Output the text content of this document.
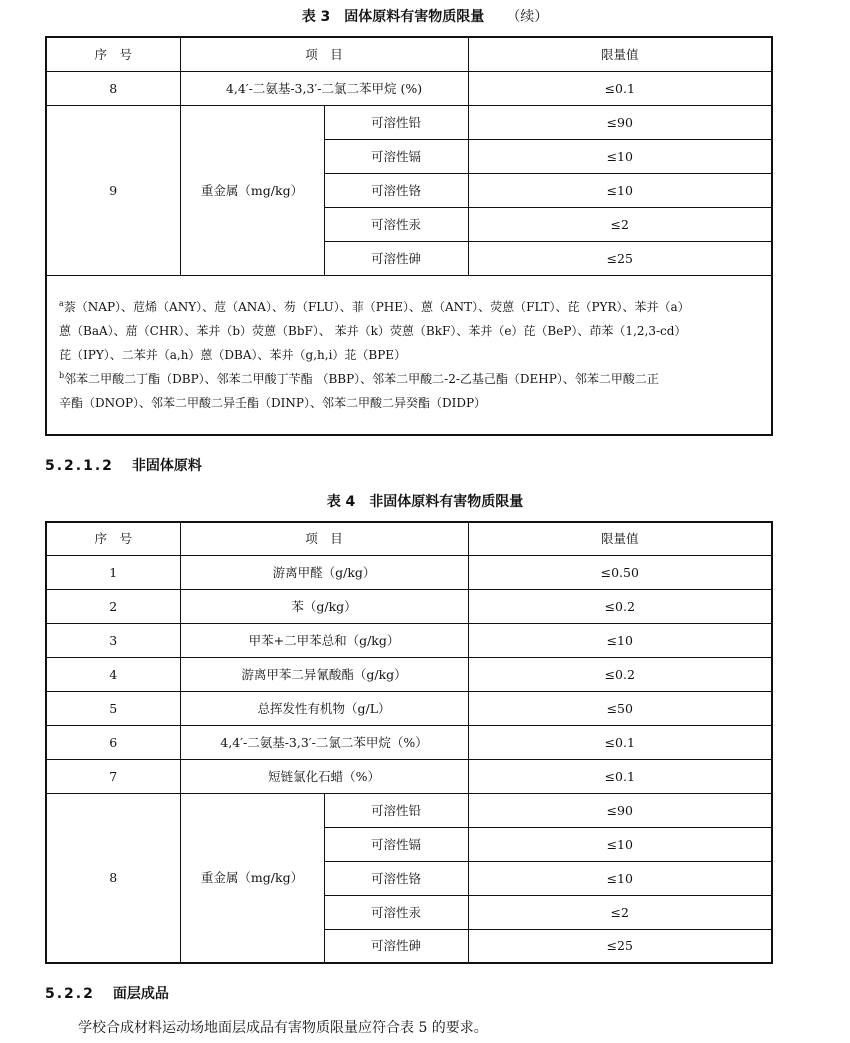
表 3　固体原料有害物质限量 （续）
序　号	项　目		限量值
8	4,4′-二氨基-3,3′-二氯二苯甲烷 (%)		≤0.1
9	重金属（mg/kg）	可溶性铅	≤90
		可溶性镉	≤10
		可溶性铬	≤10
		可溶性汞	≤2
		可溶性砷	≤25

$^a$萘（NAP）、苊烯（ANY）、苊（ANA）、芴（FLU）、菲（PHE）、蒽（ANT）、荧蒽（FLT）、芘（PYR）、苯并（a）

蒽（BaA）、䓛（CHR）、苯并（b）荧蒽（BbF）、 苯并（k）荧蒽（BkF）、苯并（e）芘（BeP）、茚苯（1,2,3-cd）

芘（IPY）、二苯并（a,h）蒽（DBA）、苯并（g,h,i）苝（BPE）

$^b$邻苯二甲酸二丁酯（DBP）、邻苯二甲酸丁苄酯 （BBP）、邻苯二甲酸二-2-乙基己酯（DEHP）、邻苯二甲酸二正

辛酯（DNOP）、邻苯二甲酸二异壬酯（DINP）、邻苯二甲酸二异癸酯（DIDP）			

5.2.1.2 非固体原料
表 4　非固体原料有害物质限量
序　号	项　目		限量值
1	游离甲醛（g/kg）		≤0.50
2	苯（g/kg）		≤0.2
3	甲苯+二甲苯总和（g/kg）		≤10
4	游离甲苯二异氰酸酯（g/kg）		≤0.2
5	总挥发性有机物（g/L）		≤50
6	4,4′-二氨基-3,3′-二氯二苯甲烷（%）		≤0.1
7	短链氯化石蜡（%）		≤0.1
8	重金属（mg/kg）	可溶性铅	≤90
		可溶性镉	≤10
		可溶性铬	≤10
		可溶性汞	≤2
		可溶性砷	≤25
5.2.2 面层成品
学校合成材料运动场地面层成品有害物质限量应符合表 5 的要求。
